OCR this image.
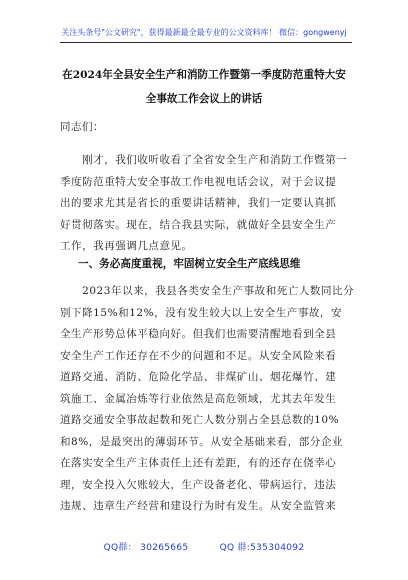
关注头条号"公文研究"，获得最新最全最专业的公文资料库！ 微信：gongwenyj
在2024年全县安全生产和消防工作暨第一季度防范重特大安
全事故工作会议上的讲话
同志们：
　　刚才，我们收听收看了全省安全生产和消防工作暨第一
季度防范重特大安全事故工作电视电话会议，对于会议提
出的要求尤其是省长的重要讲话精神，我们一定要认真抓
好贯彻落实。现在，结合我县实际，就做好全县安全生产
工作，我再强调几点意见。
一、务必高度重视，牢固树立安全生产底线思维
　　2023年以来，我县各类安全生产事故和死亡人数同比分
别下降15%和12%，没有发生较大以上安全生产事故，安
全生产形势总体平稳向好。但我们也需要清醒地看到全县
安全生产工作还存在不少的问题和不足。从安全风险来看
道路交通、消防、危险化学品、非煤矿山、烟花爆竹、建
筑施工、金属冶炼等行业依然是高危领域，尤其去年发生
道路交通安全事故起数和死亡人数分别占全县总数的10%
和8%，是最突出的薄弱环节。从安全基础来看，部分企业
在落实安全生产主体责任上还有差距，有的还存在侥幸心
理，安全投入欠账较大，生产设备老化、带病运行，违法
违规、违章生产经营和建设行为时有发生。从安全监管来
QQ群： 30265665	QQ 群:535304092
